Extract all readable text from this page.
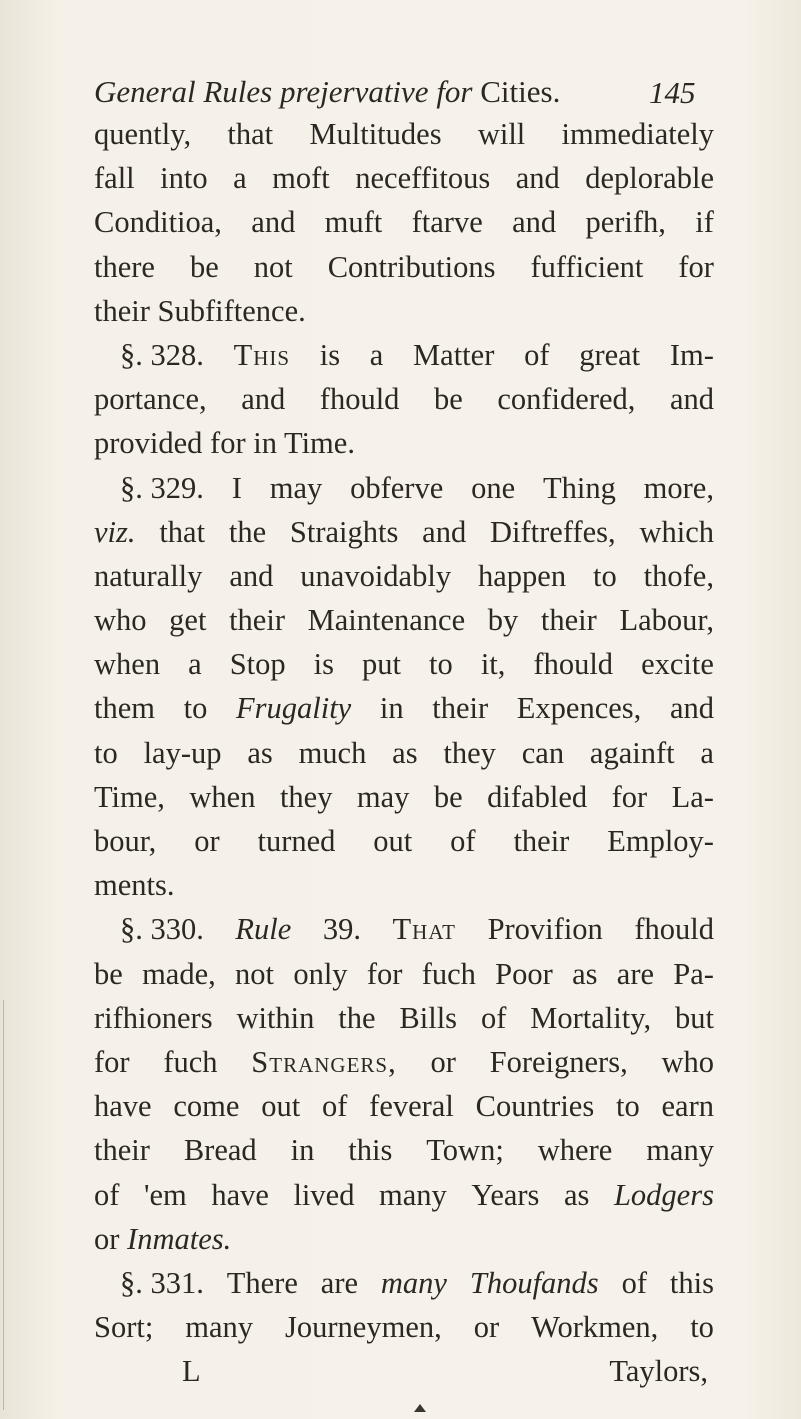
General Rules prejervative for Cities.	145
quently, that Multitudes will immediately
fall into a moft neceffitous and deplorable
Conditioa, and muft ftarve and perifh, if
there be not Contributions fufficient for
their Subfiftence.
§. 328. This is a Matter of great Im-
portance, and fhould be confidered, and
provided for in Time.
§. 329. I may obferve one Thing more,
viz. that the Straights and Diftreffes, which
naturally and unavoidably happen to thofe,
who get their Maintenance by their Labour,
when a Stop is put to it, fhould excite
them to Frugality in their Expences, and
to lay-up as much as they can againft a
Time, when they may be difabled for La-
bour, or turned out of their Employ-
ments.
§. 330. Rule 39. That Provifion fhould
be made, not only for fuch Poor as are Pa-
rifhioners within the Bills of Mortality, but
for fuch Strangers, or Foreigners, who
have come out of feveral Countries to earn
their Bread in this Town; where many
of 'em have lived many Years as Lodgers
or Inmates.
§. 331. There are many Thoufands of this
Sort; many Journeymen, or Workmen, to
L	Taylors,
